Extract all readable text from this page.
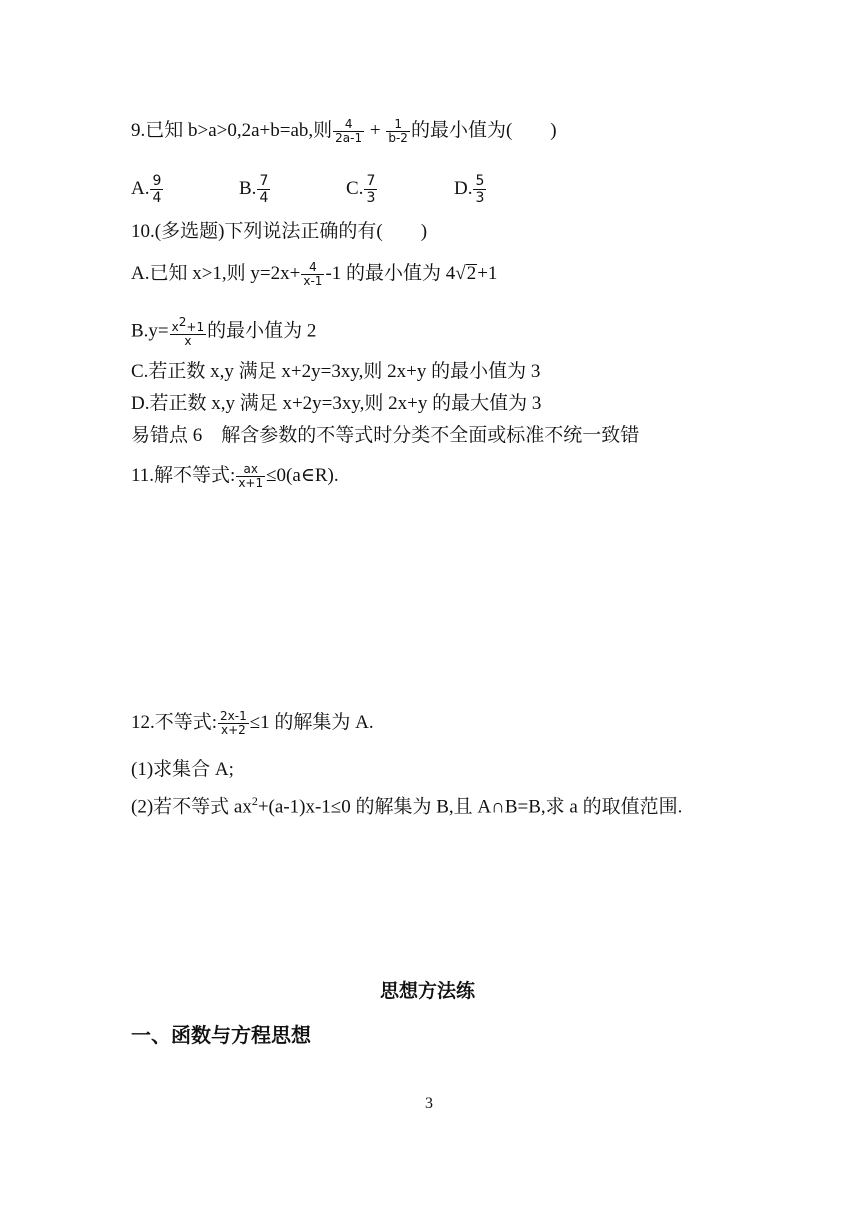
9.已知 b>a>0,2a+b=ab,则 $\frac{4}{2a-1} + \frac{1}{b-2}$ 的最小值为(　　)
A. $\frac{9}{4}$	B. $\frac{7}{4}$	C. $\frac{7}{3}$	D. $\frac{5}{3}$
10.(多选题)下列说法正确的有(　　)
A.已知 x>1,则 $y=2x+ \frac{4}{x-1} -1$ 的最小值为 4√2+1
$B.y= \frac{x^2+1}{x}$ 的最小值为 2
C.若正数 x,y 满足 x+2y=3xy,则 2x+y 的最小值为 3
D.若正数 x,y 满足 x+2y=3xy,则 2x+y 的最大值为 3
易错点 6　解含参数的不等式时分类不全面或标准不统一致错
11.解不等式: $\frac{ax}{x+1}$ ≤0(a∈R).
12.不等式: $\frac{2x-1}{x+2} \le 1$ 的解集为 A.
(1)求集合 A;
(2)若不等式 $ax^2+(a-1)x-1\le 0$ 的解集为 B,且 A∩B=B,求 a 的取值范围.
思想方法练
一、函数与方程思想
3
